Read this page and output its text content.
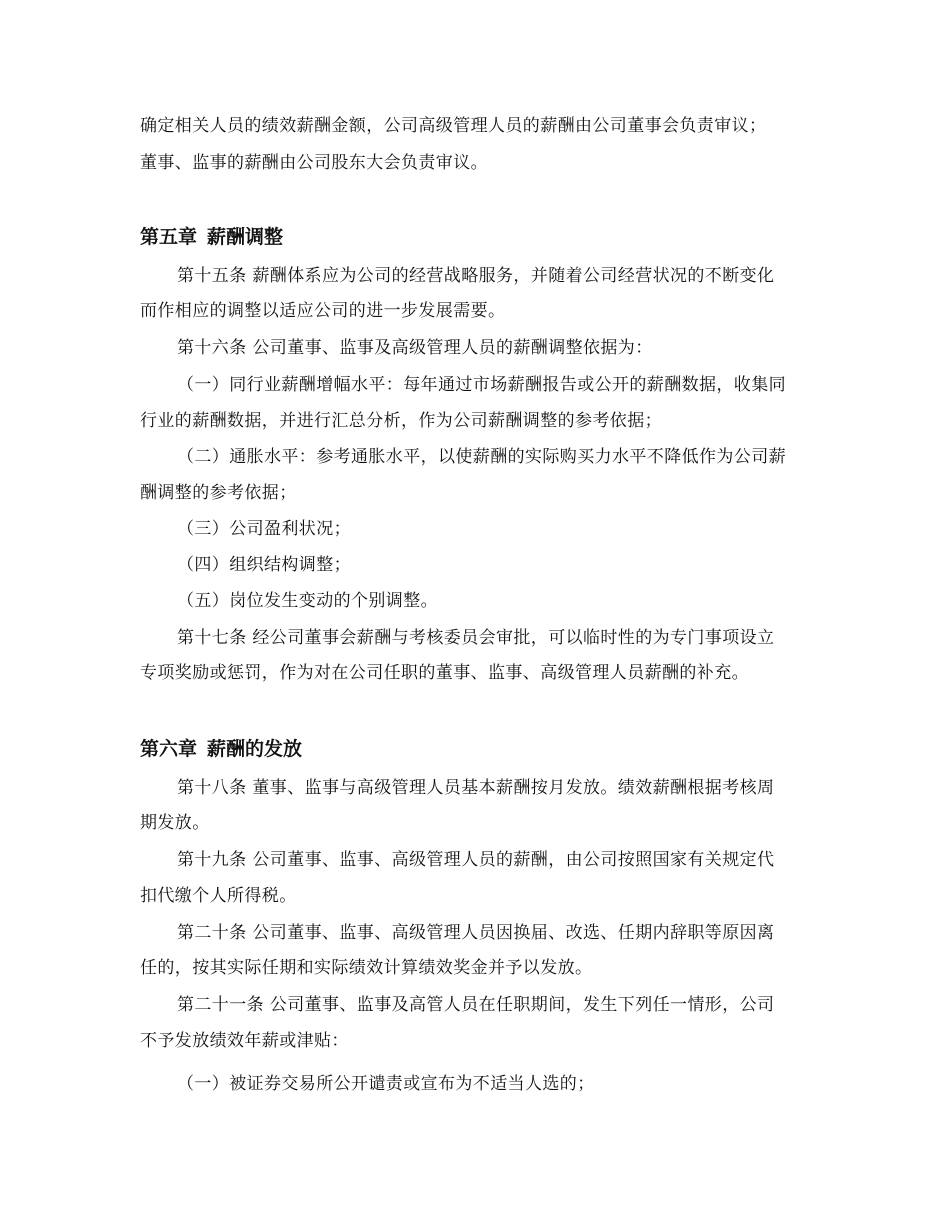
确定相关人员的绩效薪酬金额，公司高级管理人员的薪酬由公司董事会负责审议；
董事、监事的薪酬由公司股东大会负责审议。
第五章 薪酬调整
第十五条 薪酬体系应为公司的经营战略服务，并随着公司经营状况的不断变化
而作相应的调整以适应公司的进一步发展需要。
第十六条 公司董事、监事及高级管理人员的薪酬调整依据为：
（一）同行业薪酬增幅水平：每年通过市场薪酬报告或公开的薪酬数据，收集同
行业的薪酬数据，并进行汇总分析，作为公司薪酬调整的参考依据；
（二）通胀水平：参考通胀水平，以使薪酬的实际购买力水平不降低作为公司薪
酬调整的参考依据；
（三）公司盈利状况；
（四）组织结构调整；
（五）岗位发生变动的个别调整。
第十七条 经公司董事会薪酬与考核委员会审批，可以临时性的为专门事项设立
专项奖励或惩罚，作为对在公司任职的董事、监事、高级管理人员薪酬的补充。
第六章 薪酬的发放
第十八条 董事、监事与高级管理人员基本薪酬按月发放。绩效薪酬根据考核周
期发放。
第十九条 公司董事、监事、高级管理人员的薪酬，由公司按照国家有关规定代
扣代缴个人所得税。
第二十条 公司董事、监事、高级管理人员因换届、改选、任期内辞职等原因离
任的，按其实际任期和实际绩效计算绩效奖金并予以发放。
第二十一条 公司董事、监事及高管人员在任职期间，发生下列任一情形，公司
不予发放绩效年薪或津贴：
（一）被证券交易所公开谴责或宣布为不适当人选的；
